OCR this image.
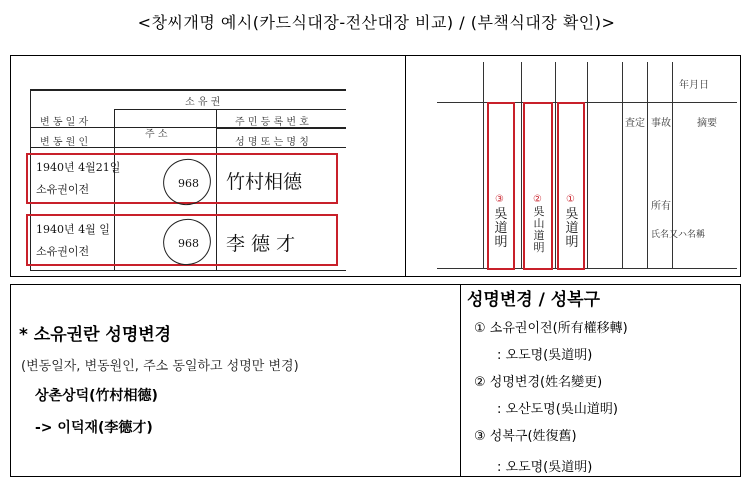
<창씨개명 예시(카드식대장-전산대장 비교) / (부책식대장 확인)>
소 유 권
변 동 일 자
변 동 원 인
주 소
주 민 등 록 번 호
성 명 또 는 명 칭
1940년 4월21일
소유권이전	968 竹村相德
1940년 4월 일
소유권이전
968 李 德 才
③
吳道明
②
吳山道明
①
吳道明
年月日
事故	摘要
査定
所有
氏名又ハ名稱
* 소유권란 성명변경
(변동일자, 변동원인, 주소 동일하고 성명만 변경)
상촌상덕(竹村相德)
-> 이덕재(李德才)
성명변경 / 성복구
① 소유권이전(所有權移轉)
: 오도명(吳道明)
② 성명변경(姓名變更)
: 오산도명(吳山道明)
③ 성복구(姓復舊)
: 오도명(吳道明)
